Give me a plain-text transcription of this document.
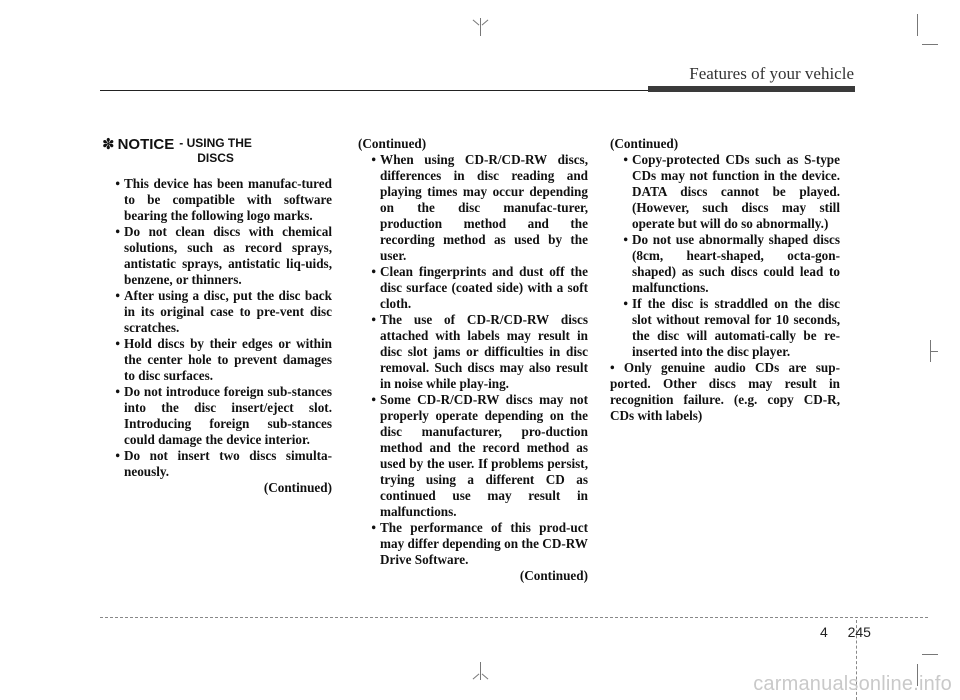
Features of your vehicle
✽ NOTICE - USING THE
DISCS
• This device has been manufac-tured to be compatible with software bearing the following logo marks.
• Do not clean discs with chemical solutions, such as record sprays, antistatic sprays, antistatic liq-uids, benzene, or thinners.
• After using a disc, put the disc back in its original case to pre-vent disc scratches.
• Hold discs by their edges or within the center hole to prevent damages to disc surfaces.
• Do not introduce foreign sub-stances into the disc insert/eject slot. Introducing foreign sub-stances could damage the device interior.
• Do not insert two discs simulta-neously.

(Continued)

(Continued)

• When using CD-R/CD-RW discs, differences in disc reading and playing times may occur depending on the disc manufac-turer, production method and the recording method as used by the user.
• Clean fingerprints and dust off the disc surface (coated side) with a soft cloth.
• The use of CD-R/CD-RW discs attached with labels may result in disc slot jams or difficulties in disc removal. Such discs may also result in noise while play-ing.
• Some CD-R/CD-RW discs may not properly operate depending on the disc manufacturer, pro-duction method and the record method as used by the user. If problems persist, trying using a different CD as continued use may result in malfunctions.
• The performance of this prod-uct may differ depending on the CD-RW Drive Software.

(Continued)

(Continued)

• Copy-protected CDs such as S-type CDs may not function in the device. DATA discs cannot be played. (However, such discs may still operate but will do so abnormally.)
• Do not use abnormally shaped discs (8cm, heart-shaped, octa-gon-shaped) as such discs could lead to malfunctions.
• If the disc is straddled on the disc slot without removal for 10 seconds, the disc will automati-cally be re-inserted into the disc player.
• Only genuine audio CDs are sup-ported. Other discs may result in recognition failure. (e.g. copy CD-R, CDs with labels)
4 245
carmanualsonline.info
